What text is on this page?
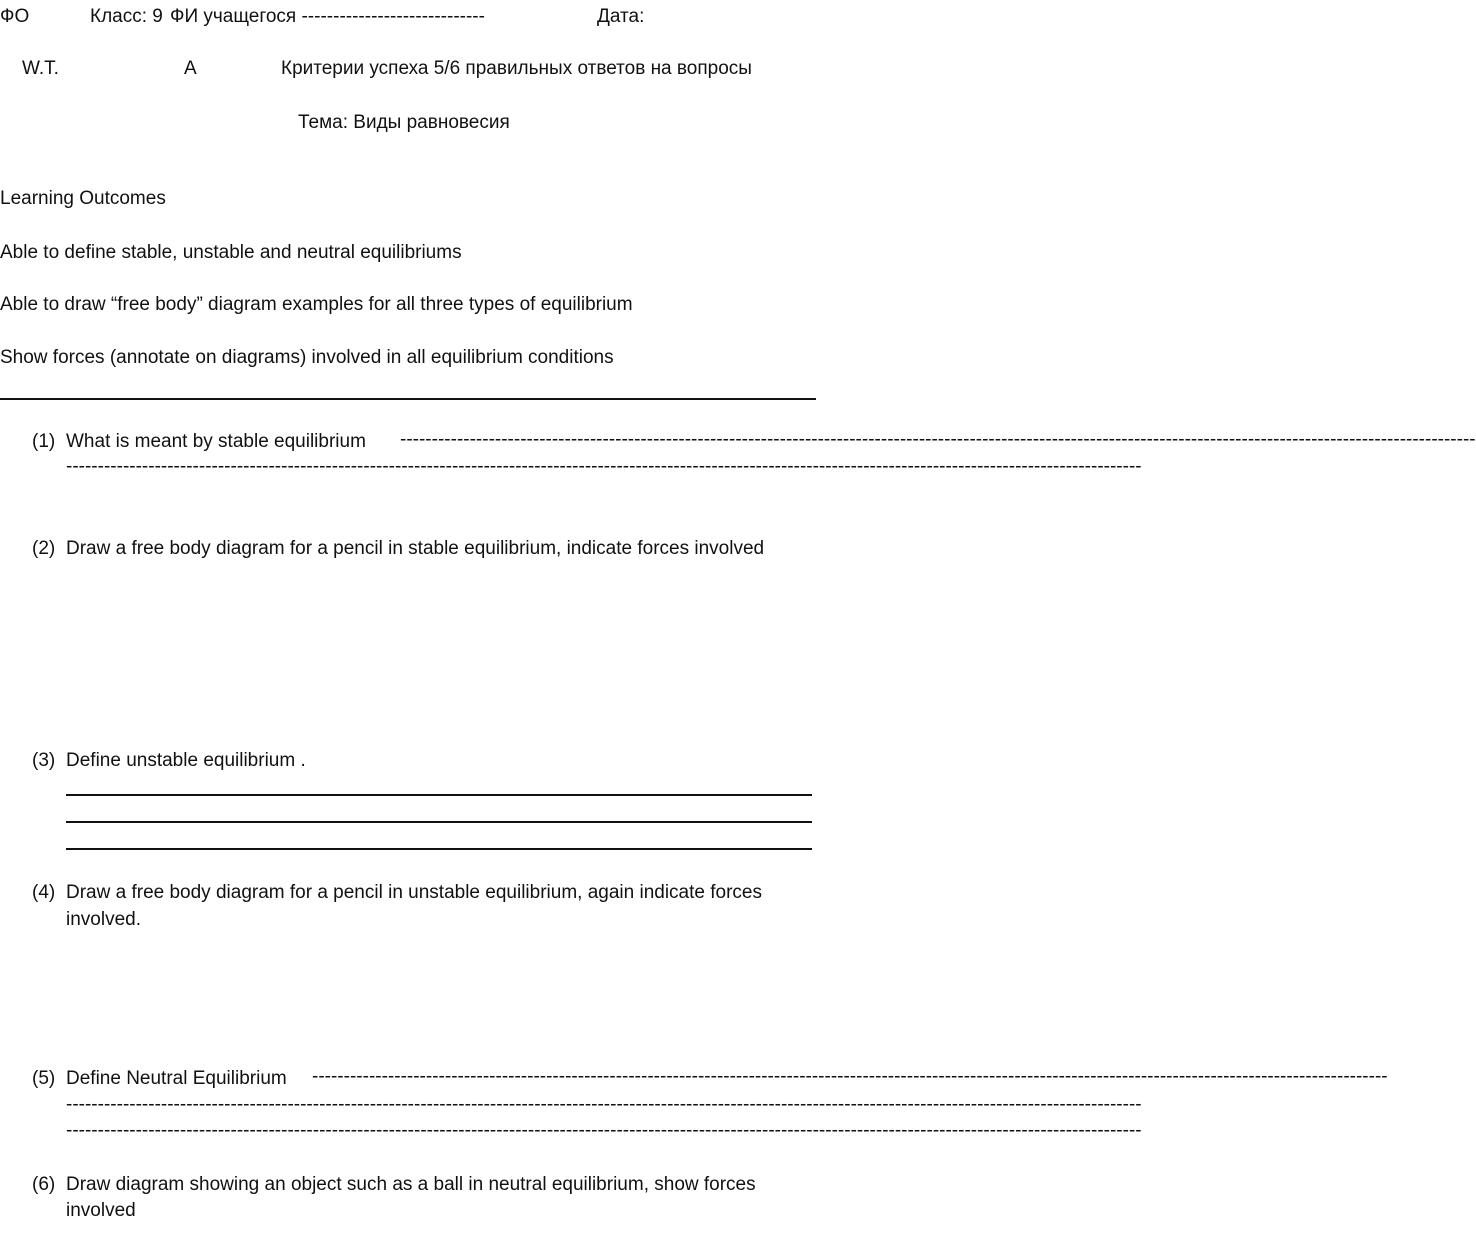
ФО	Класс: 9 ФИ учащегося -----------------------------	Дата:
W.T.	A	Критерии успеха 5/6 правильных ответов на вопросы
Тема: Виды равновесия
Learning Outcomes
Able to define stable, unstable and neutral equilibriums
Able to draw “free body” diagram examples for all three types of equilibrium
Show forces (annotate on diagrams) involved in all equilibrium conditions
(1) What is meant by stable equilibrium --------------------------------------------------------------------------------------------------------------------------------------------------------------------------
--------------------------------------------------------------------------------------------------------------------------------------------------------------------------
(2) Draw a free body diagram for a pencil in stable equilibrium, indicate forces involved
(3) Define unstable equilibrium .
(4) Draw a free body diagram for a pencil in unstable equilibrium, again indicate forces
involved.
(5) Define Neutral Equilibrium --------------------------------------------------------------------------------------------------------------------------------------------------------------------------
--------------------------------------------------------------------------------------------------------------------------------------------------------------------------
--------------------------------------------------------------------------------------------------------------------------------------------------------------------------
(6) Draw diagram showing an object such as a ball in neutral equilibrium, show forces
involved
